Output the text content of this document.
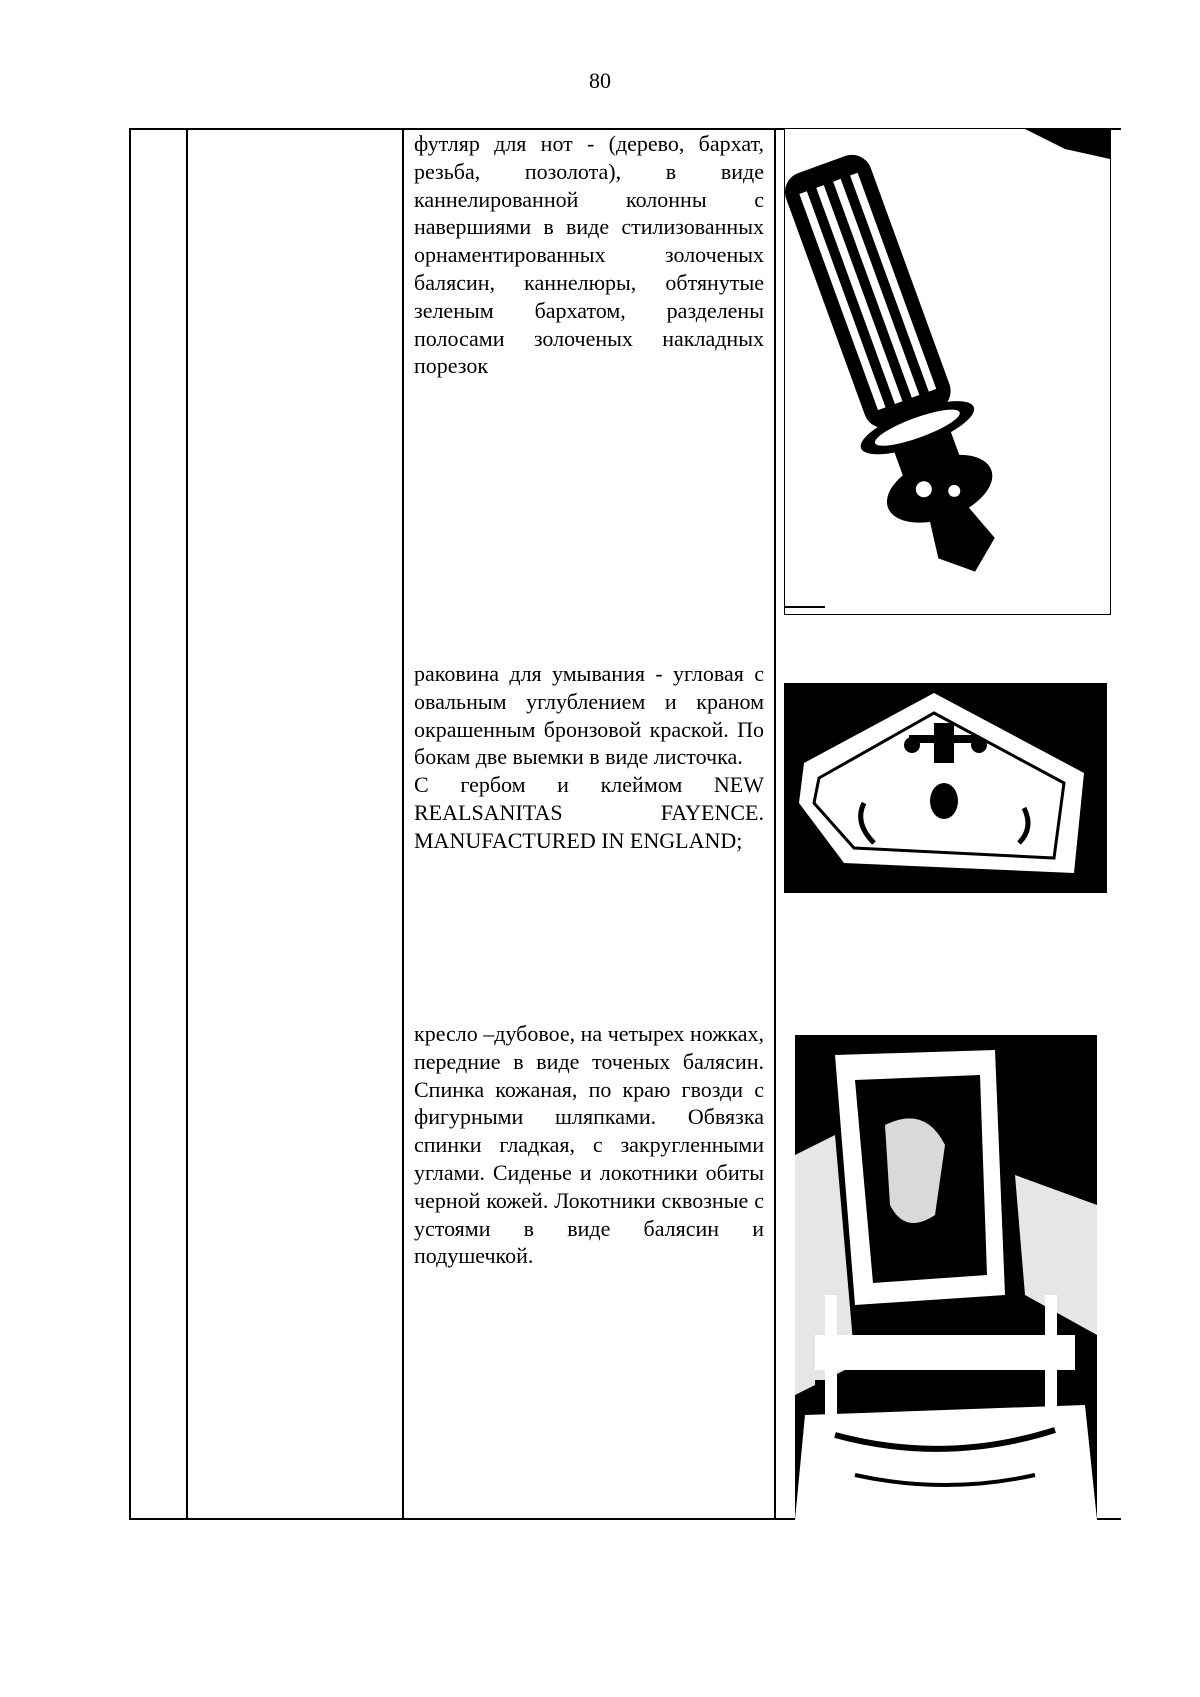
80

футляр для нот - (дерево, бархат, резьба, позолота), в виде каннелированной колонны с навершиями в виде стилизованных орнаментированных золоченых балясин, каннелюры, обтянутые зеленым бархатом, разделены полосами золоченых накладных порезок

раковина для умывания - угловая с овальным углублением и краном окрашенным бронзовой краской. По бокам две выемки в виде листочка.

С гербом и клеймом NEW REALSANITAS FAYENCE. MANUFACTURED IN ENGLAND;

кресло –дубовое, на четырех ножках, передние в виде точеных балясин. Спинка кожаная, по краю гвозди с фигурными шляпками. Обвязка спинки гладкая, с закругленными углами. Сиденье и локотники обиты черной кожей. Локотники сквозные с устоями в виде балясин и подушечкой.
